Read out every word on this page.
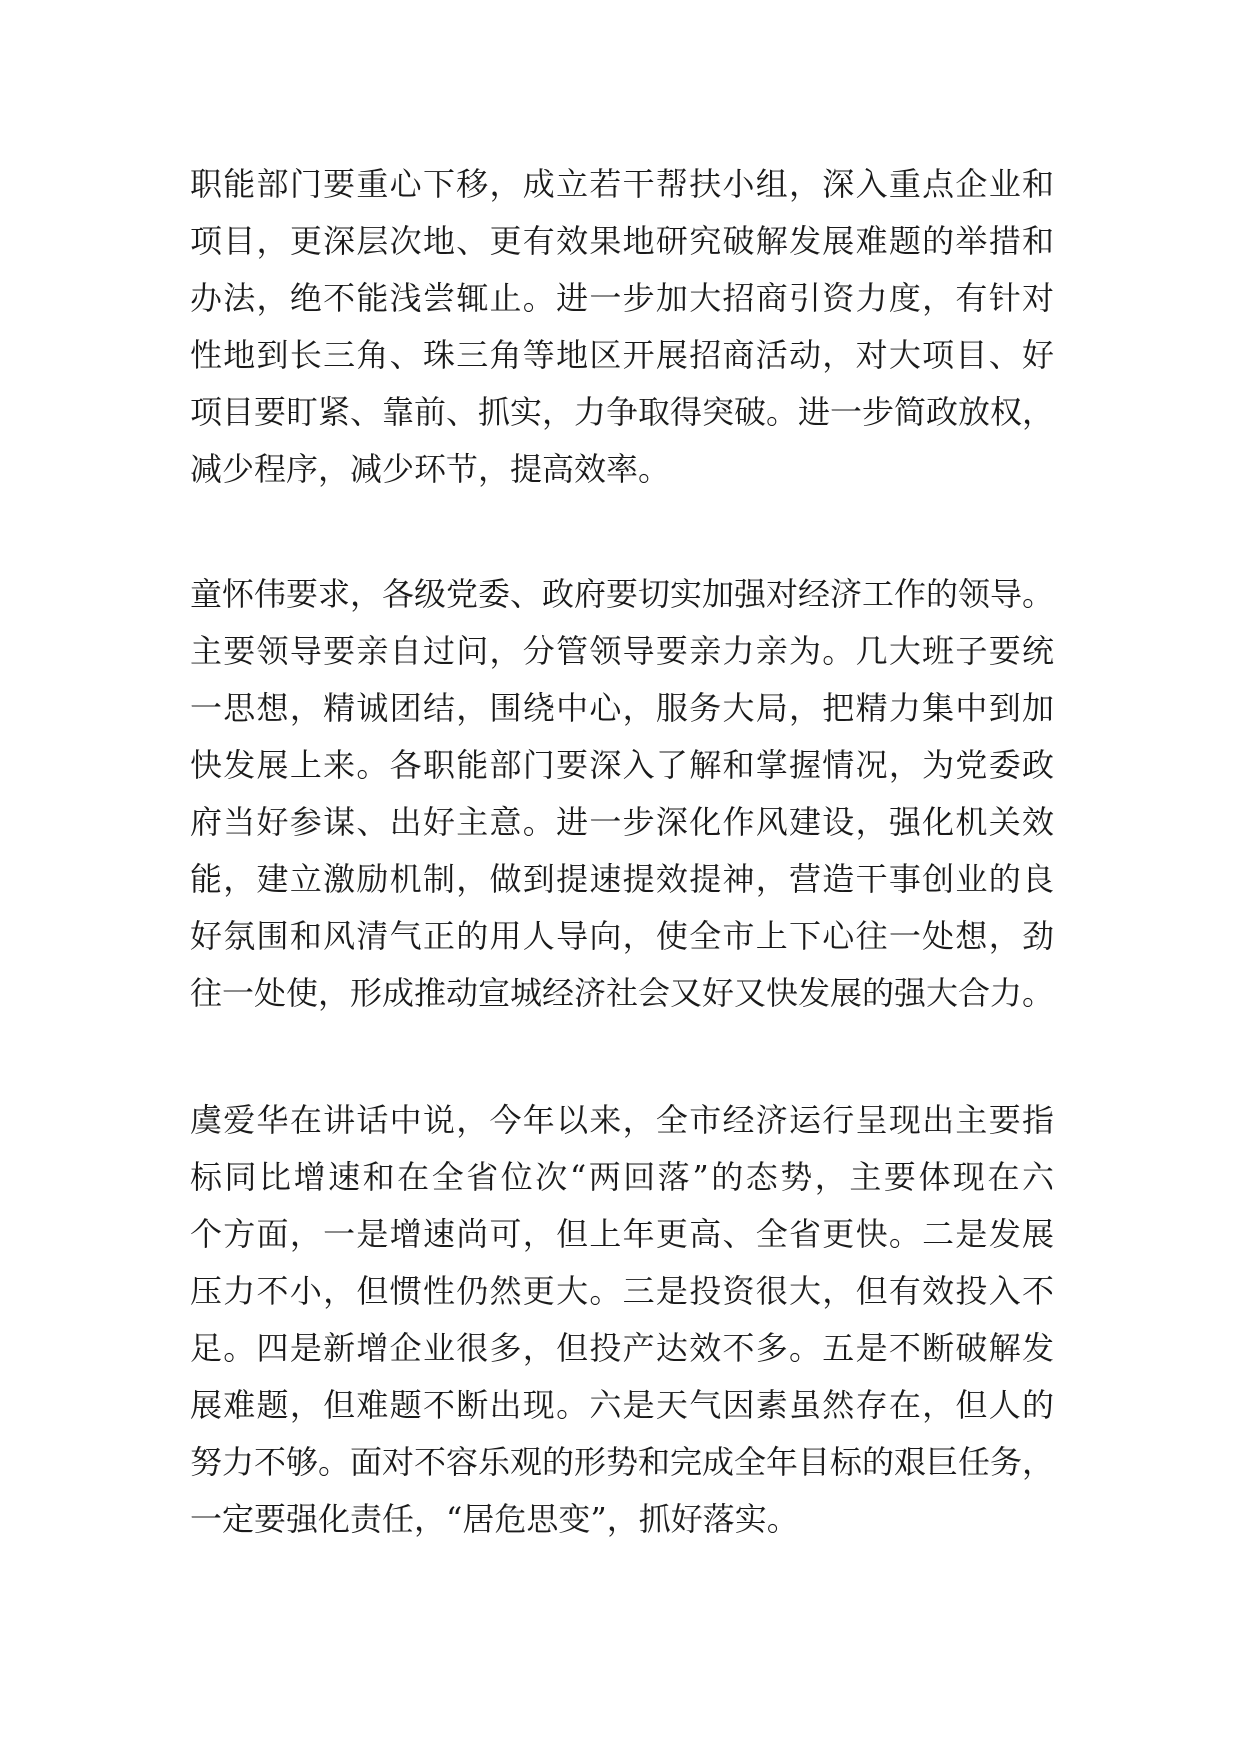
职能部门要重心下移，成立若干帮扶小组，深入重点企业和
项目，更深层次地、更有效果地研究破解发展难题的举措和
办法，绝不能浅尝辄止。进一步加大招商引资力度，有针对
性地到长三角、珠三角等地区开展招商活动，对大项目、好
项目要盯紧、靠前、抓实，力争取得突破。进一步简政放权，
减少程序，减少环节，提高效率。
童怀伟要求，各级党委、政府要切实加强对经济工作的领导。
主要领导要亲自过问，分管领导要亲力亲为。几大班子要统
一思想，精诚团结，围绕中心，服务大局，把精力集中到加
快发展上来。各职能部门要深入了解和掌握情况，为党委政
府当好参谋、出好主意。进一步深化作风建设，强化机关效
能，建立激励机制，做到提速提效提神，营造干事创业的良
好氛围和风清气正的用人导向，使全市上下心往一处想，劲
往一处使，形成推动宣城经济社会又好又快发展的强大合力。
虞爱华在讲话中说，今年以来，全市经济运行呈现出主要指
标同比增速和在全省位次“两回落”的态势，主要体现在六
个方面，一是增速尚可，但上年更高、全省更快。二是发展
压力不小，但惯性仍然更大。三是投资很大，但有效投入不
足。四是新增企业很多，但投产达效不多。五是不断破解发
展难题，但难题不断出现。六是天气因素虽然存在，但人的
努力不够。面对不容乐观的形势和完成全年目标的艰巨任务，
一定要强化责任，“居危思变”，抓好落实。
